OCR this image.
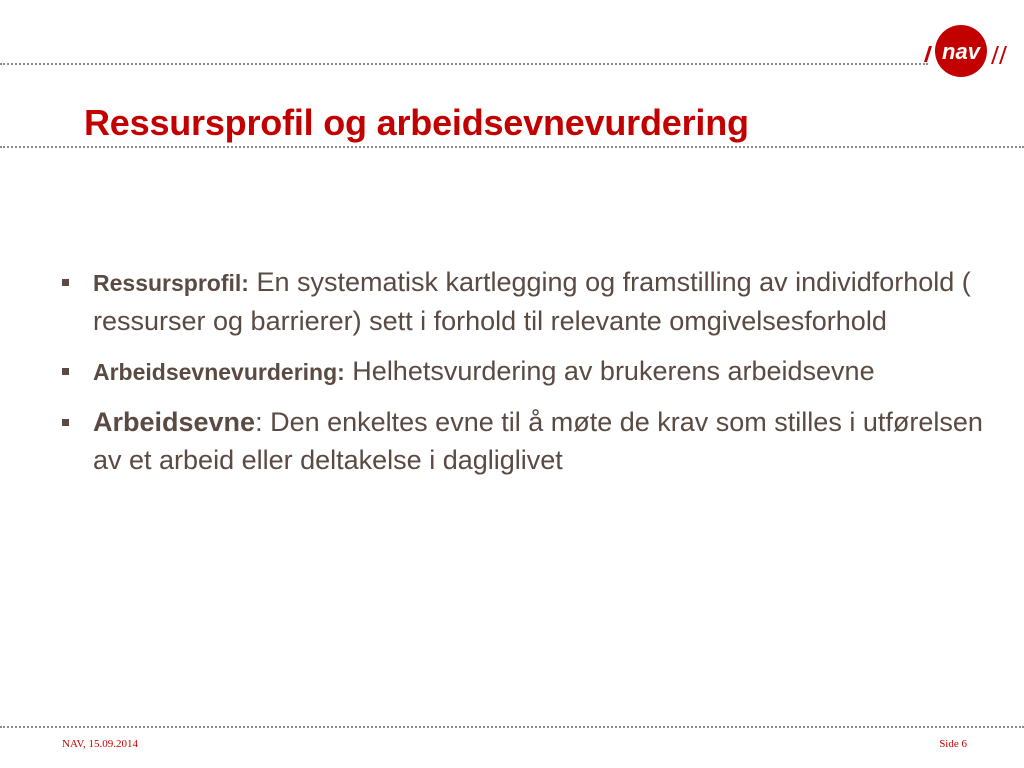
nav
Ressursprofil og arbeidsevnevurdering
Ressursprofil: En systematisk kartlegging og framstilling av individforhold ( ressurser og barrierer) sett i forhold til relevante omgivelsesforhold
Arbeidsevnevurdering: Helhetsvurdering av brukerens arbeidsevne
Arbeidsevne: Den enkeltes evne til å møte de krav som stilles i utførelsen av et arbeid eller deltakelse i dagliglivet
NAV, 15.09.2014	Side 6
